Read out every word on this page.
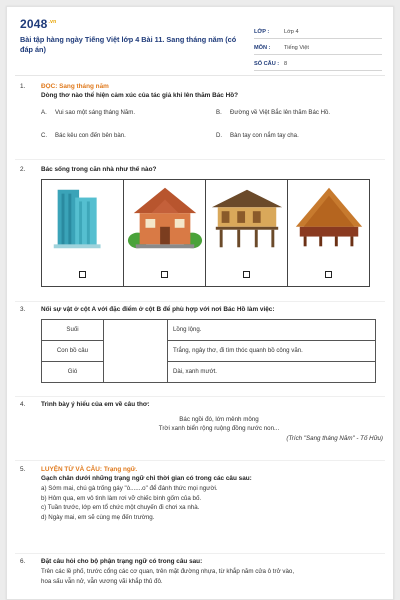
$2048^{.vn}$
Bài tập hàng ngày Tiếng Việt lớp 4 Bài 11. Sang tháng năm (có đáp án)
LỚP :	Lớp 4
MÔN :	Tiếng Việt
SỐ CÂU : 8
1.	ĐỌC: Sang tháng năm
Dòng thơ nào thể hiện cảm xúc của tác giả khi lên thăm Bác Hồ?
A. Vui sao một sáng tháng Năm.	B. Đường về Việt Bắc lên thăm Bác Hồ.
C. Bác kêu con đến bên bàn.	D. Bàn tay con nắm tay cha.
2.	Bác sống trong căn nhà như thế nào?
3.	Nối sự vật ở cột A với đặc điểm ở cột B để phù hợp với nơi Bác Hồ làm việc:
Suối		Lồng lộng.
Con bồ câu		Trắng, ngây thơ, đi tìm thóc quanh bồ công văn.
Gió		Dài, xanh mướt.
4.	Trình bày ý hiểu của em về câu thơ:
Bác ngồi đó, lớn mênh mông
Trời xanh biển rộng ruộng đồng nước non...
(Trích "Sang tháng Năm" - Tố Hữu)
5.	LUYỆN TỪ VÀ CÂU: Trạng ngữ.
Gạch chân dưới những trạng ngữ chỉ thời gian có trong các câu sau:
a) Sớm mai, chú gà trống gáy "ò.......o" để đánh thức mọi người.
b) Hôm qua, em vô tình làm rơi vỡ chiếc bình gốm của bố.
c) Tuần trước, lớp em tổ chức một chuyến đi chơi xa nhà.
d) Ngày mai, em sẽ cùng mẹ đến trường.
6.	Đặt câu hỏi cho bộ phận trạng ngữ có trong câu sau:
Trên các lề phố, trước cổng các cơ quan, trên mặt đường nhựa, từ khắp năm cửa ô trở vào,
hoa sấu vẫn nở, vẫn vương vãi khắp thủ đô.
